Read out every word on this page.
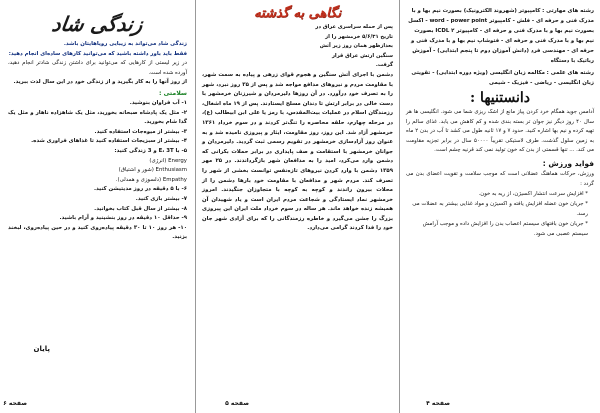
زندگی شاد

زندگی شاد می‌تواند به زیبایی رویاهایتان باشد.

فقط باید باور داشته باشید که می‌توانید کارهای ساده‌ای انجام دهید:

در زیر لیستی از کارهایی که می‌توانید برای داشتن زندگی شادتر انجام دهید، آورده شده است.

از روز آنها را به کار بگیرید و از زندگی خود در این سال لذت ببرید.

سلامتی :

۱- آب فراوان بنوشید.

۲- مثل یک پادشاه صبحانه بخورید، مثل یک شاهزاده ناهار و مثل یک گدا شام بخورید.

۳- بیشتر از میوه‌جات استفاده کنید.

۴- بیشتر از سبزیجات استفاده کنید تا غذاهای فراوری شده.

۵- با E، 3T و 3 زندگی کنید:

Energy (انرژی)

Enthusiasm (شور و اشتیاق)

Empathy (دلسوزی و همدلی).

۶- با ۵ دقیقه در روز مدیتیشن کنید.

۷- بیشتر بازی کنید.

۸- بیشتر از سال قبل کتاب بخوانید.

۹- حداقل ۱۰ دقیقه در روز بنشینید و آرام باشید.

۱۰- هر روز ۱۰ تا ۳۰ دقیقه پیاده‌روی کنید و در حین پیاده‌روی، لبخند بزنید.

پایان
صفحه ۶
نگاهی به گذشته
پس از حمله سراسری عراق در تاریخ ۵/۶/۳۱ خرمشهر را از بعدازظهر همان روز زیر آتش سنگین ارتش عراق قرار گرفت.

دشمن با اجرای آتش سنگین و هجوم قوای زرهی و پیاده به سمت شهر، با مقاومت مردم و نیروهای مدافع مواجه شد و پس از ۳۵ روز نبرد، شهر را به تصرف خود درآورد. در آن روزها دلیرمردان و شیرزنان خرمشهر با دست خالی در برابر ارتش تا دندان مسلح ایستادند. پس از ۱۹ ماه اشغال، رزمندگان اسلام در عملیات بیت‌المقدس، با رمز یا علی ابن ابیطالب (ع)، در مرحله چهارم، حلقه محاصره را تنگ‌تر کردند و در سوم خرداد ۱۳۶۱ خرمشهر آزاد شد. این روز، روز مقاومت، ایثار و پیروزی نامیده شد و به عنوان روز آزادسازی خرمشهر در تقویم رسمی ثبت گردید. دلیرمردان و جوانان خرمشهر با استقامت و صف پایداری در برابر حملات بکرانی که دشمن وارد می‌کرد، امید را به مدافعان شهر بازگرداندند. در ۲۵ مهر ۱۳۵۹ دشمن با وارد کردن نیروهای تازه‌نفس توانست بخشی از شهر را تصرف کند. مردم شهر و مدافعان با مقاومت خود بارها دشمن را از محلات بیرون راندند و کوچه به کوچه با متجاوزان جنگیدند. امروز خرمشهر نماد ایستادگی و شجاعت مردم ایران است و یاد شهیدان آن همیشه زنده خواهد ماند. هر ساله در سوم خرداد ملت ایران این پیروزی بزرگ را جشن می‌گیرد و خاطره رزمندگانی را که برای آزادی شهر جان خود را فدا کردند گرامی می‌دارد.

صفحه ۵
رشته های مهارتی : کامپیوتر (شهروند الکترونیک) بصورت نیم بها و با مدرک فنی و حرفه ای - فلش - کامپیوتر word - power point - اکسل بصورت نیم بها و با مدرک فنی و حرفه ای - کامپیوتر ۲ ICDL بصورت نیم بها و با مدرک فنی و حرفه ای - فتوشاپ نیم بها و با مدرک فنی و حرفه ای - مهندسی فرد (دانش آموزان دوم تا پنجم ابتدایی) - آموزش رباتیک با دستگاه
رشته های علمی : مکالمه زبان انگلیسی (ویژه دوره ابتدایی) - تقویتی زبان انگلیسی - ریاضی - فیزیک - شیمی
دانستنیها :

آدامس جوید همگام خرد کردن پیاز مانع از اشک ریزی شما می شود. انگلیسی ها هر سال ۴۰ روز دیگر نیز جوان تر بسته بندی شده و کم کاهش می یابد. غذای سالم را تهیه کرده و نیم بها اشاره کنید. حدود ۷ و ۱۷ ثانیه طول می کشد تا آب در بدن ۲ ماه به زمین سلول گذشت. طرف لاستیکی تقریباً ۵۰۰۰۰ سال در برابر تجزیه مقاومت می کند. ... تنها قسمتی از بدن که خون تولید نمی کند قرنیه چشم است.

فواید ورزش :

ورزش، حرکات هماهنگ عضلانی است که موجب سلامت و تقویت اعضای بدن می گردد :

* افزایش سرعت انتشار اکسیژن، از ریه به خون.
* جریان خون عضله افزایش یافته و اکسیژن و مواد غذایی بیشتر به عضلات می رسد.
* جریان خون بافتهای سیستم اعصاب بدن را افزایش داده و موجب آرامش سیستم عصبی می شود.
صفحه ۴
